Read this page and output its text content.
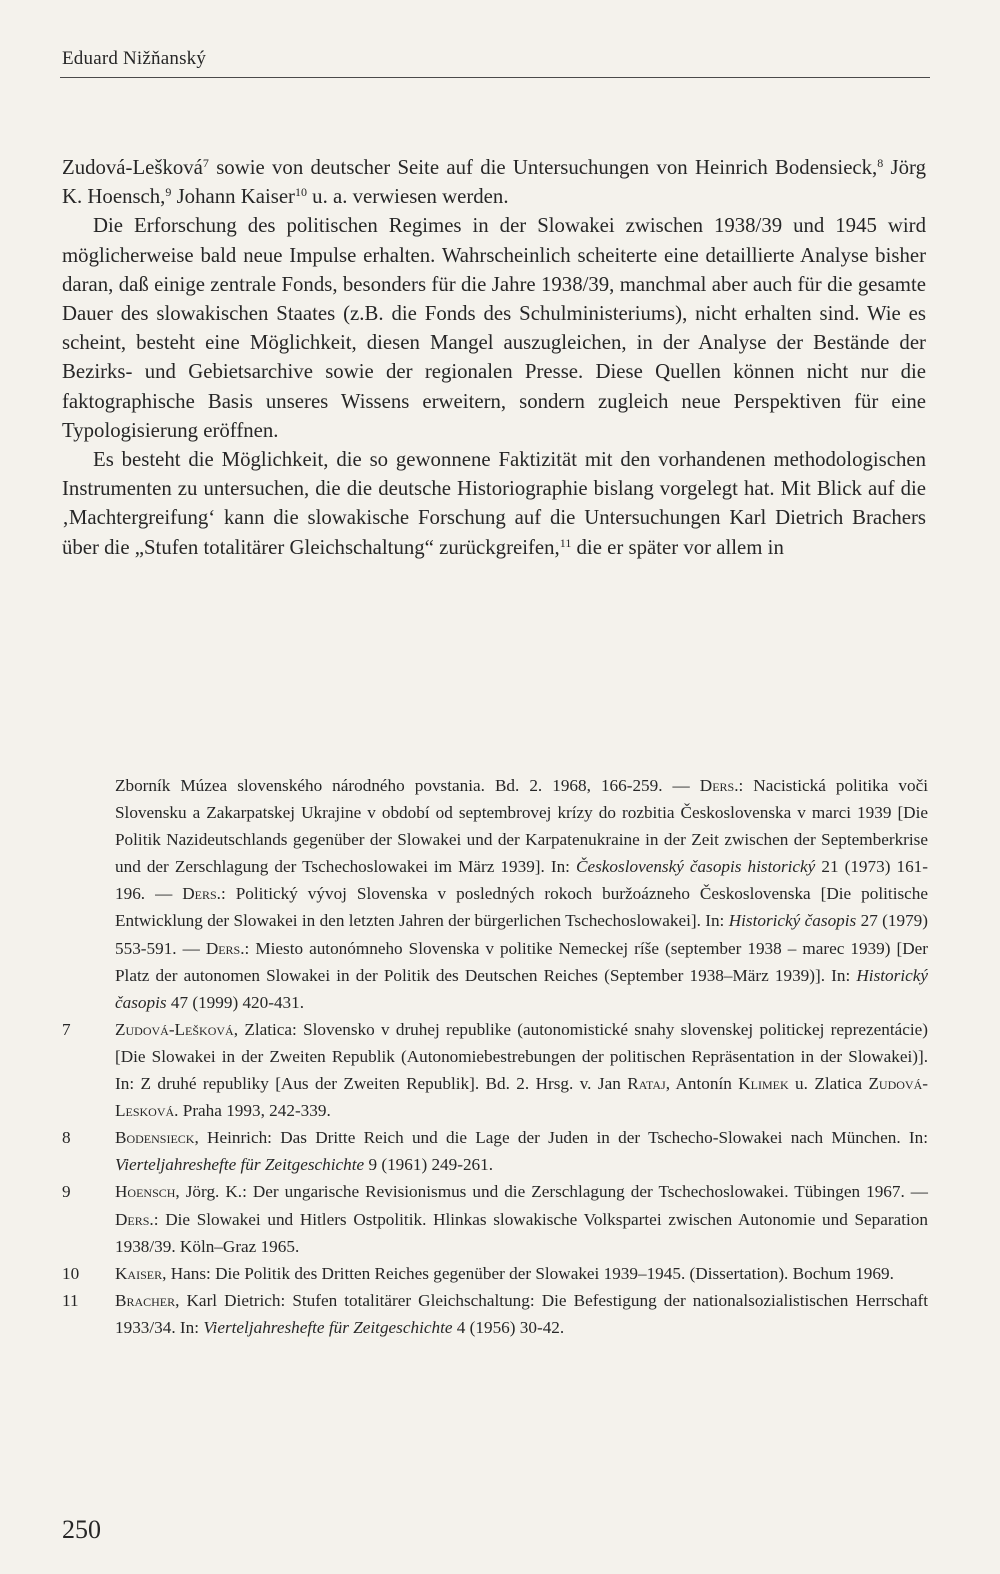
Eduard Nižňanský

Zudová-Lešková$^7$ sowie von deutscher Seite auf die Untersuchungen von Heinrich Bodensieck,$^8$ Jörg K. Hoensch,$^9$ Johann Kaiser$^{10}$ u. a. verwiesen werden.

Die Erforschung des politischen Regimes in der Slowakei zwischen 1938/39 und 1945 wird möglicherweise bald neue Impulse erhalten. Wahrscheinlich scheiterte eine detaillierte Analyse bisher daran, daß einige zentrale Fonds, besonders für die Jahre 1938/39, manchmal aber auch für die gesamte Dauer des slowakischen Staates (z.B. die Fonds des Schulministeriums), nicht erhalten sind. Wie es scheint, besteht eine Möglichkeit, diesen Mangel auszugleichen, in der Analyse der Bestände der Bezirks- und Gebietsarchive sowie der regionalen Presse. Diese Quellen können nicht nur die faktographische Basis unseres Wissens erweitern, sondern zugleich neue Perspektiven für eine Typologisierung eröffnen.

Es besteht die Möglichkeit, die so gewonnene Faktizität mit den vorhandenen methodologischen Instrumenten zu untersuchen, die die deutsche Historiographie bislang vorgelegt hat. Mit Blick auf die ‚Machtergreifung‘ kann die slowakische Forschung auf die Untersuchungen Karl Dietrich Brachers über die „Stufen totalitärer Gleichschaltung“ zurückgreifen,$^{11}$ die er später vor allem in

Zborník Múzea slovenského národného povstania. Bd. 2. 1968, 166-259. — Ders.: Nacistická politika voči Slovensku a Zakarpatskej Ukrajine v období od septembrovej krízy do rozbitia Československa v marci 1939 [Die Politik Nazideutschlands gegenüber der Slowakei und der Karpatenukraine in der Zeit zwischen der Septemberkrise und der Zerschlagung der Tschechoslowakei im März 1939]. In: Československý časopis historický 21 (1973) 161-196. — Ders.: Politický vývoj Slovenska v posledných rokoch buržoázneho Československa [Die politische Entwicklung der Slowakei in den letzten Jahren der bürgerlichen Tschechoslowakei]. In: Historický časopis 27 (1979) 553-591. — Ders.: Miesto autonómneho Slovenska v politike Nemeckej ríše (september 1938 – marec 1939) [Der Platz der autonomen Slowakei in der Politik des Deutschen Reiches (September 1938–März 1939)]. In: Historický časopis 47 (1999) 420-431.
7	Zudová-Lešková, Zlatica: Slovensko v druhej republike (autonomistické snahy slovenskej politickej reprezentácie) [Die Slowakei in der Zweiten Republik (Autonomiebestrebungen der politischen Repräsentation in der Slowakei)]. In: Z druhé republiky [Aus der Zweiten Republik]. Bd. 2. Hrsg. v. Jan Rataj, Antonín Klimek u. Zlatica Zudová-Lesková. Praha 1993, 242-339.
8	Bodensieck, Heinrich: Das Dritte Reich und die Lage der Juden in der Tschecho-Slowakei nach München. In: Vierteljahreshefte für Zeitgeschichte 9 (1961) 249-261.
9	Hoensch, Jörg. K.: Der ungarische Revisionismus und die Zerschlagung der Tschechoslowakei. Tübingen 1967. — Ders.: Die Slowakei und Hitlers Ostpolitik. Hlinkas slowakische Volkspartei zwischen Autonomie und Separation 1938/39. Köln–Graz 1965.
10	Kaiser, Hans: Die Politik des Dritten Reiches gegenüber der Slowakei 1939–1945. (Dissertation). Bochum 1969.
11	Bracher, Karl Dietrich: Stufen totalitärer Gleichschaltung: Die Befestigung der nationalsozialistischen Herrschaft 1933/34. In: Vierteljahreshefte für Zeitgeschichte 4 (1956) 30-42.
250
